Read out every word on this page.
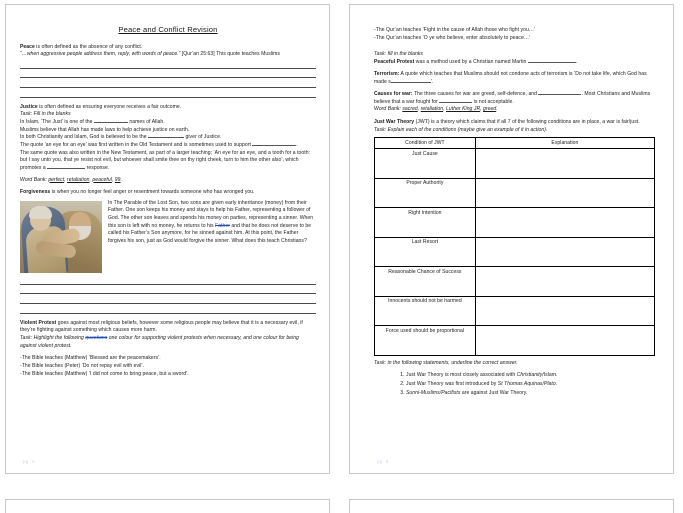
Peace and Conflict Revision

Peace is often defined as the absence of any conflict.

“…when aggressive people address them, reply, with words of peace.” [Qur’an 25:63] This quote teaches Muslims

Justice is often defined as ensuring everyone receives a fair outcome.

Task: Fill in the blanks

In Islam, ‘The Just’ is one of the	names of Allah.

Muslims believe that Allah has made laws to help achieve justice on earth.

In both Christianity and Islam, God is believed to be the	giver of Justice.

The quote ‘an eye for an eye’ was first written in the Old Testament and is sometimes used to support	.

The same quote was also written in the New Testament, as part of a larger teaching; ‘An eye for an eye, and a tooth for a tooth: but I say unto you, that ye resist not evil, but whoever shall smite thee on thy right cheek, turn to him the other also’, which promotes a	response.

Word Bank: perfect, retaliation, peaceful, 99.

Forgiveness is when you no longer feel anger or resentment towards someone who has wronged you.

In The Parable of the Lost Son, two sons are given early inheritance (money) from their Father. One son keeps his money and stays to help his Father, representing a follower of God. The other son leaves and spends his money on parties, representing a sinner. When this son is left with no money, he returns to his Father and that he does not deserve to be called his Father’s Son anymore, for he sinned against him. At this point, the Father forgives his son, just as God would forgive the sinner. What does this teach Christians?

Violent Protest goes against most religious beliefs, however some religious people may believe that it is a necessary evil, if they’re fighting against something which causes more harm.

Task: Highlight the following questions one colour for supporting violent protests when necessary, and one colour for being against violent protest.

-The Bible teaches (Matthew) ‘Blessed are the peacemakers’.

-The Bible teaches (Peter) ‘Do not repay evil with evil’.

-The Bible teaches (Matthew) ‘I did not come to bring peace, but a sword’.

pg. 4

-The Qur’an teaches ‘Fight in the cause of Allah those who fight you…’

-The Qur’an teaches ‘O ye who believe, enter absolutely to peace…’

Task: fill in the blanks

Peaceful Protest was a method used by a Christian named Martin	.

Terrorism: A quote which teaches that Muslims should not condone acts of terrorism is ‘Do not take life, which God has made s	’.

Causes for war: The three causes for war are greed, self-defence, and	. Most Christians and Muslims believe that a war fought for	is not acceptable.

Word Bank: sacred, retaliation, Luther King JR, greed.

Just War Theory (JWT) is a theory which claims that if all 7 of the following conditions are in place, a war is fair/just.

Task: Explain each of the conditions (maybe give an example of it in action).

Condition of JWT	Explanation
Just Cause	
Proper Authority	
Right Intention	
Last Resort	
Reasonable Chance of Success	
Innocents should not be harmed	
Force used should be proportional	

Task: in the following statements, underline the correct answer.

1. Just War Theory is most closely associated with Christianity/Islam.
2. Just War Theory was first introduced by St Thomas Aquinas/Plato.
3. Sunni-Muslims/Pacifists are against Just War Theory.
pg. 5
